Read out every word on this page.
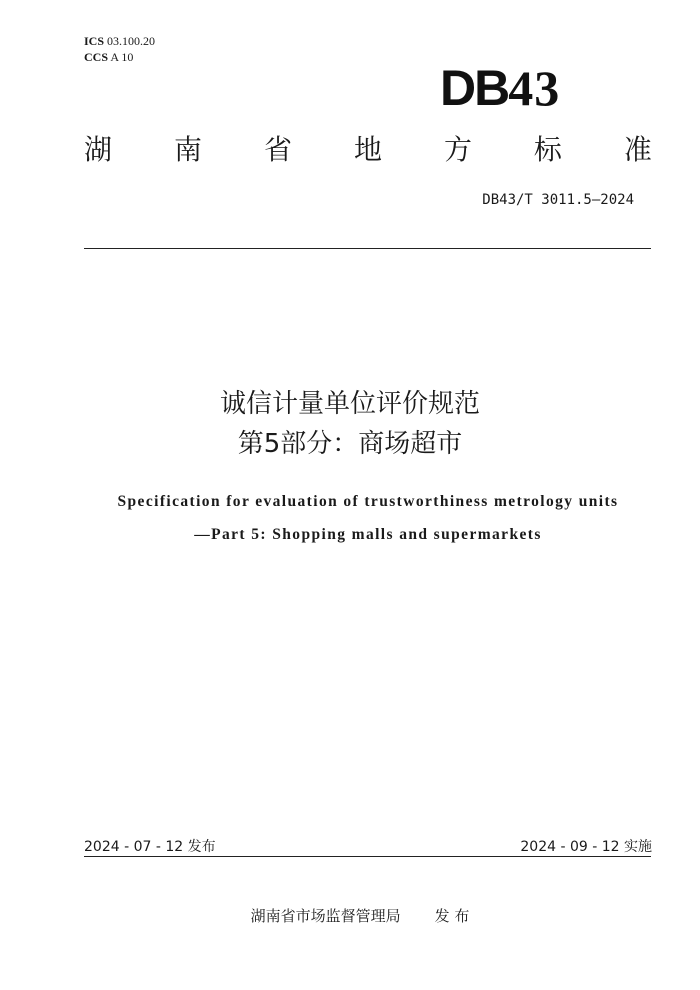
ICS 03.100.20
CCS A 10
DB43
湖 南 省 地 方 标 准
DB43/T 3011.5—2024
诚信计量单位评价规范
第5部分：商场超市
Specification for evaluation of trustworthiness metrology units
—Part 5: Shopping malls and supermarkets
2024 - 07 - 12 发布	2024 - 09 - 12 实施
湖南省市场监督管理局 发 布
